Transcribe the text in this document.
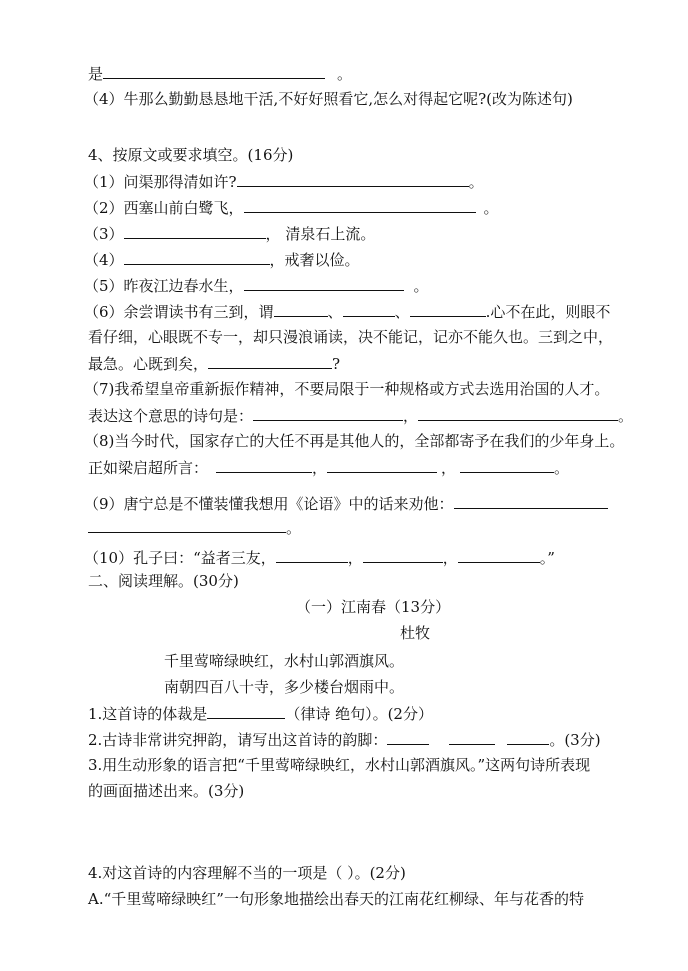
是	。
（4）牛那么勤勤恳恳地干活,不好好照看它,怎么对得起它呢?(改为陈述句)
4、按原文或要求填空。(16分)
（1）问渠那得清如许?	。
（2）西塞山前白鹭飞，	。
（3）	， 清泉石上流。
（4）	，戒奢以俭。
（5）昨夜江边春水生，	。
（6）余尝谓读书有三到，谓	、	、	.心不在此，则眼不
看仔细，心眼既不专一，却只漫浪诵读，决不能记，记亦不能久也。三到之中，
最急。心既到矣，	?
（7)我希望皇帝重新振作精神，不要局限于一种规格或方式去选用治国的人才。
表达这个意思的诗句是：	，	。
（8)当今时代，国家存亡的大任不再是其他人的，全部都寄予在我们的少年身上。
正如梁启超所言：	，	，	。
（9）唐宁总是不懂装懂我想用《论语》中的话来劝他：
。
（10）孔子曰：“益者三友，	，	，	。”
二、阅读理解。(30分)
（一）江南春（13分）
杜牧
千里莺啼绿映红，水村山郭酒旗风。
南朝四百八十寺，多少楼台烟雨中。
1.这首诗的体裁是	（律诗 绝句）。(2分）
2.古诗非常讲究押韵，请写出这首诗的韵脚：	。(3分)
3.用生动形象的语言把“千里莺啼绿映红，水村山郭酒旗风。”这两句诗所表现
的画面描述出来。(3分)
4.对这首诗的内容理解不当的一项是（ ）。(2分)
A.“千里莺啼绿映红”一句形象地描绘出春天的江南花红柳绿、年与花香的特
